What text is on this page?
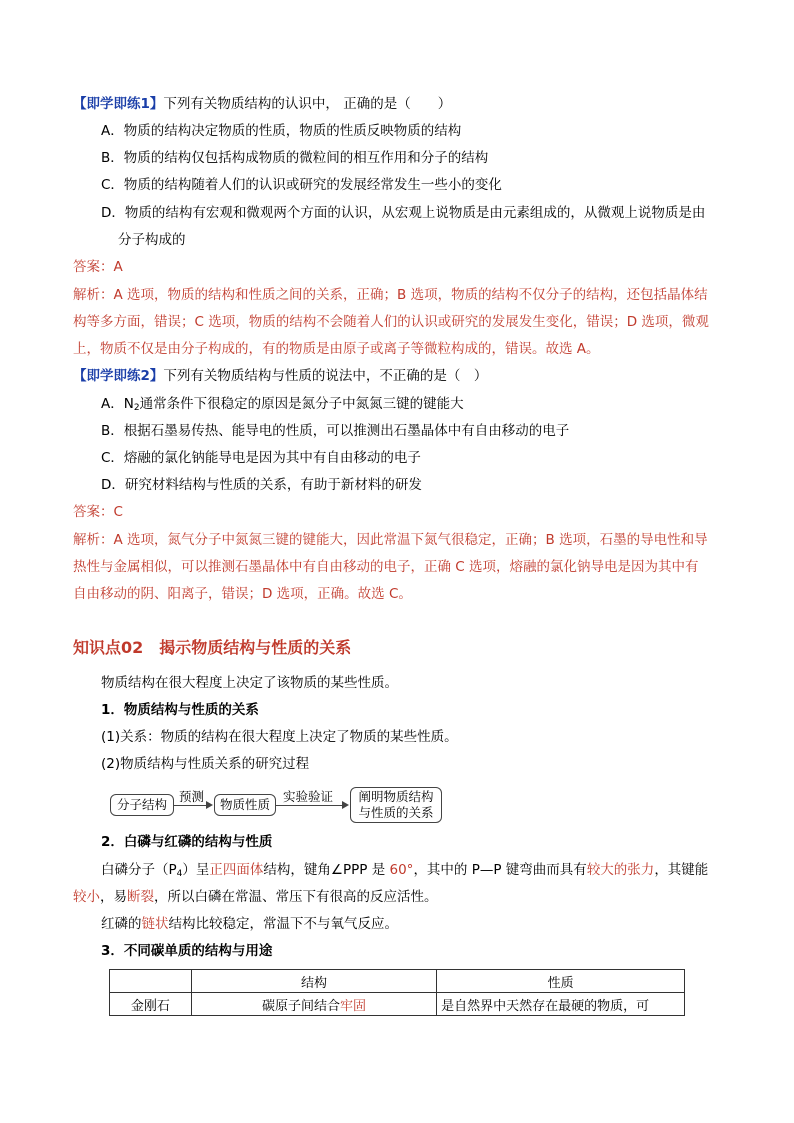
【即学即练1】下列有关物质结构的认识中， 正确的是（　　）
A．物质的结构决定物质的性质，物质的性质反映物质的结构
B．物质的结构仅包括构成物质的微粒间的相互作用和分子的结构
C．物质的结构随着人们的认识或研究的发展经常发生一些小的变化
D．物质的结构有宏观和微观两个方面的认识，从宏观上说物质是由元素组成的，从微观上说物质是由
分子构成的
答案：A
解析：A 选项，物质的结构和性质之间的关系，正确；B 选项，物质的结构不仅分子的结构，还包括晶体结
构等多方面，错误；C 选项，物质的结构不会随着人们的认识或研究的发展发生变化，错误；D 选项，微观
上，物质不仅是由分子构成的，有的物质是由原子或离子等微粒构成的，错误。故选 A。
【即学即练2】下列有关物质结构与性质的说法中，不正确的是（　）
A．$N_2$通常条件下很稳定的原因是氮分子中氮氮三键的键能大
B．根据石墨易传热、能导电的性质，可以推测出石墨晶体中有自由移动的电子
C．熔融的氯化钠能导电是因为其中有自由移动的电子
D．研究材料结构与性质的关系，有助于新材料的研发
答案：C
解析：A 选项，氮气分子中氮氮三键的键能大，因此常温下氮气很稳定，正确；B 选项，石墨的导电性和导
热性与金属相似，可以推测石墨晶体中有自由移动的电子，正确 C 选项，熔融的氯化钠导电是因为其中有
自由移动的阴、阳离子，错误；D 选项，正确。故选 C。
知识点02　揭示物质结构与性质的关系
物质结构在很大程度上决定了该物质的某些性质。
1．物质结构与性质的关系
(1)关系：物质的结构在很大程度上决定了物质的某些性质。
(2)物质结构与性质关系的研究过程
分子结构
预测
物质性质
实验验证 阐明物质结构
与性质的关系
2．白磷与红磷的结构与性质
白磷分子$(P_4)$呈正四面体结构，键角∠PPP 是 60°，其中的 P—P 键弯曲而具有较大的张力，其键能
较小，易断裂，所以白磷在常温、常压下有很高的反应活性。
红磷的链状结构比较稳定，常温下不与氧气反应。
3．不同碳单质的结构与用途
	结构	性质
金刚石	碳原子间结合牢固	是自然界中天然存在最硬的物质，可
